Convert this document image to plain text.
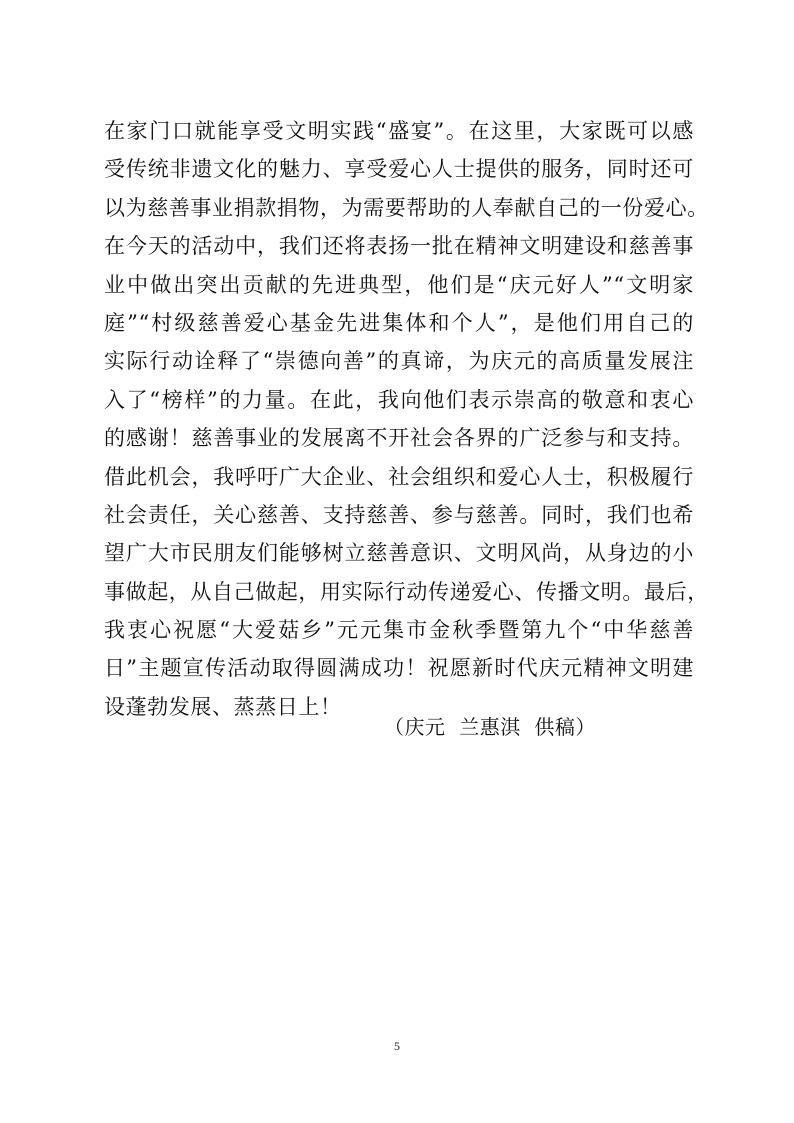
在家门口就能享受文明实践“盛宴”。在这里，大家既可以感
受传统非遗文化的魅力、享受爱心人士提供的服务，同时还可
以为慈善事业捐款捐物，为需要帮助的人奉献自己的一份爱心。
在今天的活动中，我们还将表扬一批在精神文明建设和慈善事
业中做出突出贡献的先进典型，他们是“庆元好人”“文明家
庭”“村级慈善爱心基金先进集体和个人”，是他们用自己的
实际行动诠释了“崇德向善”的真谛，为庆元的高质量发展注
入了“榜样”的力量。在此，我向他们表示崇高的敬意和衷心
的感谢！慈善事业的发展离不开社会各界的广泛参与和支持。
借此机会，我呼吁广大企业、社会组织和爱心人士，积极履行
社会责任，关心慈善、支持慈善、参与慈善。同时，我们也希
望广大市民朋友们能够树立慈善意识、文明风尚，从身边的小
事做起，从自己做起，用实际行动传递爱心、传播文明。最后，
我衷心祝愿“大爱菇乡”元元集市金秋季暨第九个“中华慈善
日”主题宣传活动取得圆满成功！祝愿新时代庆元精神文明建
设蓬勃发展、蒸蒸日上！
（庆元  兰惠淇  供稿）
5
